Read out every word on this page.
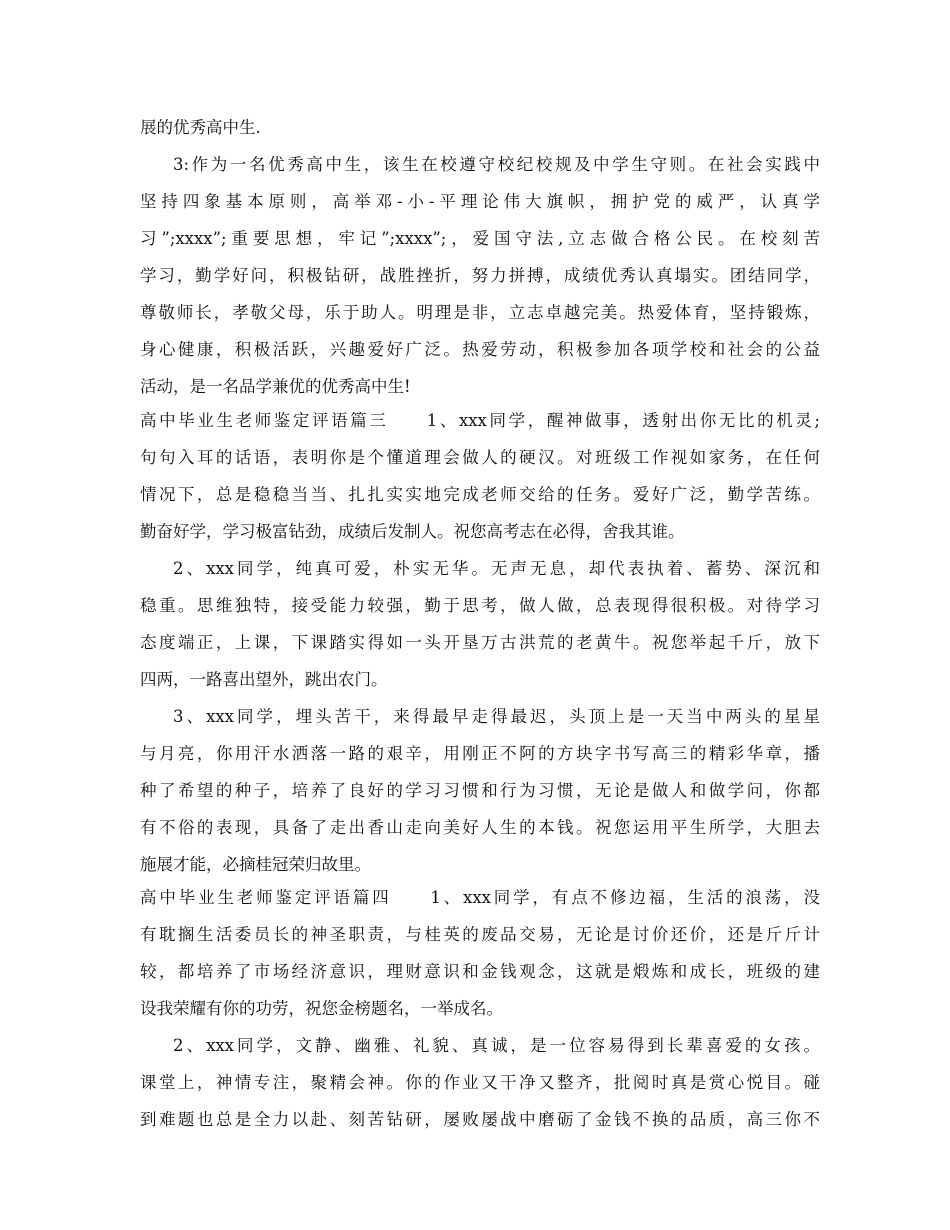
展的优秀高中生.
3:作为一名优秀高中生，该生在校遵守校纪校规及中学生守则。在社会实践中
坚持四象基本原则，高举邓-小-平理论伟大旗帜，拥护党的威严，认真学
习”;xxxx”;重要思想，牢记”;xxxx”;，爱国守法,立志做合格公民。在校刻苦
学习，勤学好问，积极钻研，战胜挫折，努力拼搏，成绩优秀认真塌实。团结同学，
尊敬师长，孝敬父母，乐于助人。明理是非，立志卓越完美。热爱体育，坚持锻炼，
身心健康，积极活跃，兴趣爱好广泛。热爱劳动，积极参加各项学校和社会的公益
活动，是一名品学兼优的优秀高中生!
高中毕业生老师鉴定评语篇三　　1、xxx同学，醒神做事，透射出你无比的机灵;
句句入耳的话语，表明你是个懂道理会做人的硬汉。对班级工作视如家务，在任何
情况下，总是稳稳当当、扎扎实实地完成老师交给的任务。爱好广泛，勤学苦练。
勤奋好学，学习极富钻劲，成绩后发制人。祝您高考志在必得，舍我其谁。
2、xxx同学，纯真可爱，朴实无华。无声无息，却代表执着、蓄势、深沉和
稳重。思维独特，接受能力较强，勤于思考，做人做，总表现得很积极。对待学习
态度端正，上课，下课踏实得如一头开垦万古洪荒的老黄牛。祝您举起千斤，放下
四两，一路喜出望外，跳出农门。
3、xxx同学，埋头苦干，来得最早走得最迟，头顶上是一天当中两头的星星
与月亮，你用汗水洒落一路的艰辛，用刚正不阿的方块字书写高三的精彩华章，播
种了希望的种子，培养了良好的学习习惯和行为习惯，无论是做人和做学问，你都
有不俗的表现，具备了走出香山走向美好人生的本钱。祝您运用平生所学，大胆去
施展才能，必摘桂冠荣归故里。
高中毕业生老师鉴定评语篇四　　1、xxx同学，有点不修边福，生活的浪荡，没
有耽搁生活委员长的神圣职责，与桂英的废品交易，无论是讨价还价，还是斤斤计
较，都培养了市场经济意识，理财意识和金钱观念，这就是煅炼和成长，班级的建
设我荣耀有你的功劳，祝您金榜题名，一举成名。
2、xxx同学，文静、幽雅、礼貌、真诚，是一位容易得到长辈喜爱的女孩。
课堂上，神情专注，聚精会神。你的作业又干净又整齐，批阅时真是赏心悦目。碰
到难题也总是全力以赴、刻苦钻研，屡败屡战中磨砺了金钱不换的品质，高三你不
